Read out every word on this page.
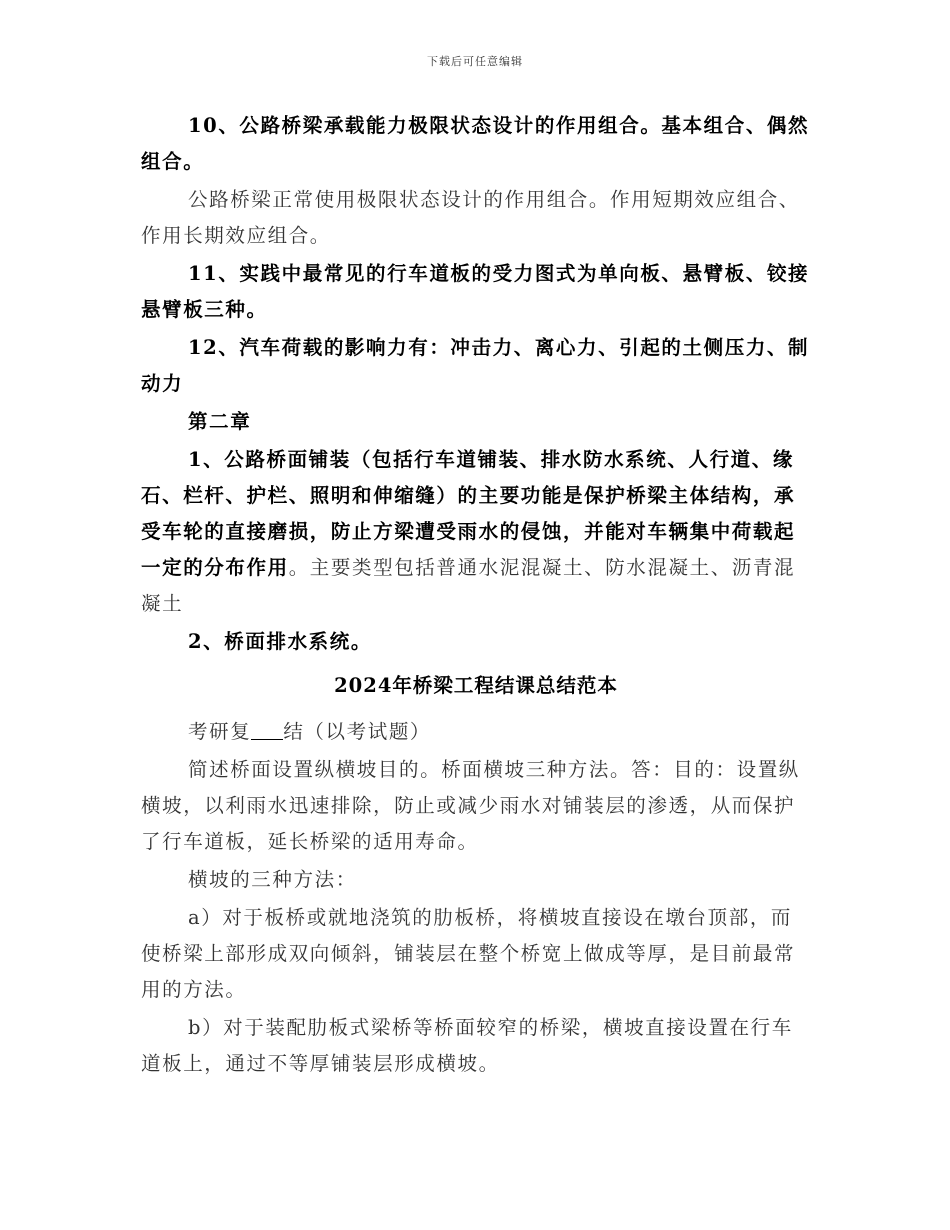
下载后可任意编辑

10、公路桥梁承载能力极限状态设计的作用组合。基本组合、偶然组合。

公路桥梁正常使用极限状态设计的作用组合。作用短期效应组合、作用长期效应组合。

11、实践中最常见的行车道板的受力图式为单向板、悬臂板、铰接悬臂板三种。

12、汽车荷载的影响力有：冲击力、离心力、引起的土侧压力、制动力

第二章

1、公路桥面铺装（包括行车道铺装、排水防水系统、人行道、缘石、栏杆、护栏、照明和伸缩缝）的主要功能是保护桥梁主体结构，承受车轮的直接磨损，防止方梁遭受雨水的侵蚀，并能对车辆集中荷载起一定的分布作用。主要类型包括普通水泥混凝土、防水混凝土、沥青混凝土

2、桥面排水系统。

2024年桥梁工程结课总结范本

考研复 结（以考试题）

简述桥面设置纵横坡目的。桥面横坡三种方法。答：目的：设置纵横坡，以利雨水迅速排除，防止或减少雨水对铺装层的渗透，从而保护了行车道板，延长桥梁的适用寿命。

横坡的三种方法：

a）对于板桥或就地浇筑的肋板桥，将横坡直接设在墩台顶部，而使桥梁上部形成双向倾斜，铺装层在整个桥宽上做成等厚，是目前最常用的方法。

b）对于装配肋板式梁桥等桥面较窄的桥梁，横坡直接设置在行车道板上，通过不等厚铺装层形成横坡。
